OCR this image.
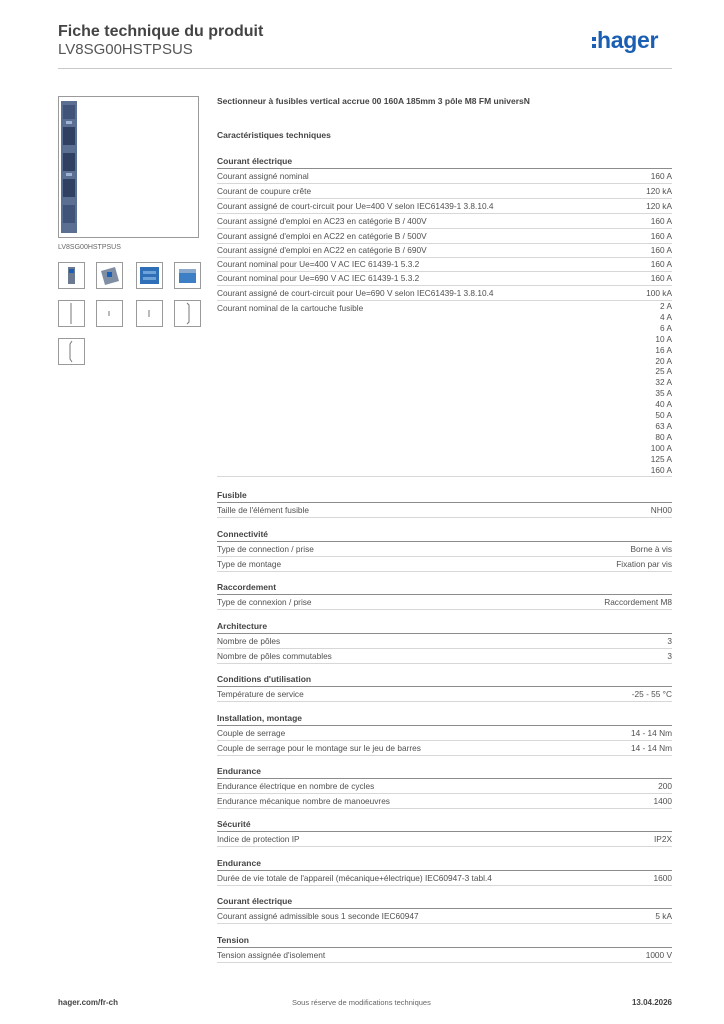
Fiche technique du produit
LV8SG00HSTPSUS	hager
LV8SG00HSTPSUS
Sectionneur à fusibles vertical accrue 00 160A 185mm 3 pôle M8 FM universN
Caractéristiques techniques
Courant électrique
Courant assigné nominal	160 A
Courant de coupure crête	120 kA
Courant assigné de court-circuit pour Ue=400 V selon IEC61439-1 3.8.10.4	120 kA
Courant assigné d'emploi en AC23 en catégorie B / 400V	160 A
Courant assigné d'emploi en AC22 en catégorie B / 500V	160 A
Courant assigné d'emploi en AC22 en catégorie B / 690V	160 A
Courant nominal pour Ue=400 V AC IEC 61439-1 5.3.2	160 A
Courant nominal pour Ue=690 V AC IEC 61439-1 5.3.2	160 A
Courant assigné de court-circuit pour Ue=690 V selon IEC61439-1 3.8.10.4	100 kA
Courant nominal de la cartouche fusible	2 A
4 A
6 A
10 A
16 A
20 A
25 A
32 A
35 A
40 A
50 A
63 A
80 A
100 A
125 A
160 A
Fusible
Taille de l'élément fusible	NH00
Connectivité
Type de connection / prise	Borne à vis
Type de montage	Fixation par vis
Raccordement
Type de connexion / prise	Raccordement M8
Architecture
Nombre de pôles	3
Nombre de pôles commutables	3
Conditions d'utilisation
Température de service	-25 - 55 °C
Installation, montage
Couple de serrage	14 - 14 Nm
Couple de serrage pour le montage sur le jeu de barres	14 - 14 Nm
Endurance
Endurance électrique en nombre de cycles	200
Endurance mécanique nombre de manoeuvres	1400
Sécurité
Indice de protection IP	IP2X
Endurance
Durée de vie totale de l'appareil (mécanique+électrique) IEC60947-3 tabl.4	1600
Courant électrique
Courant assigné admissible sous 1 seconde IEC60947	5 kA
Tension
Tension assignée d'isolement	1000 V
hager.com/fr-ch	Sous réserve de modifications techniques	13.04.2026
